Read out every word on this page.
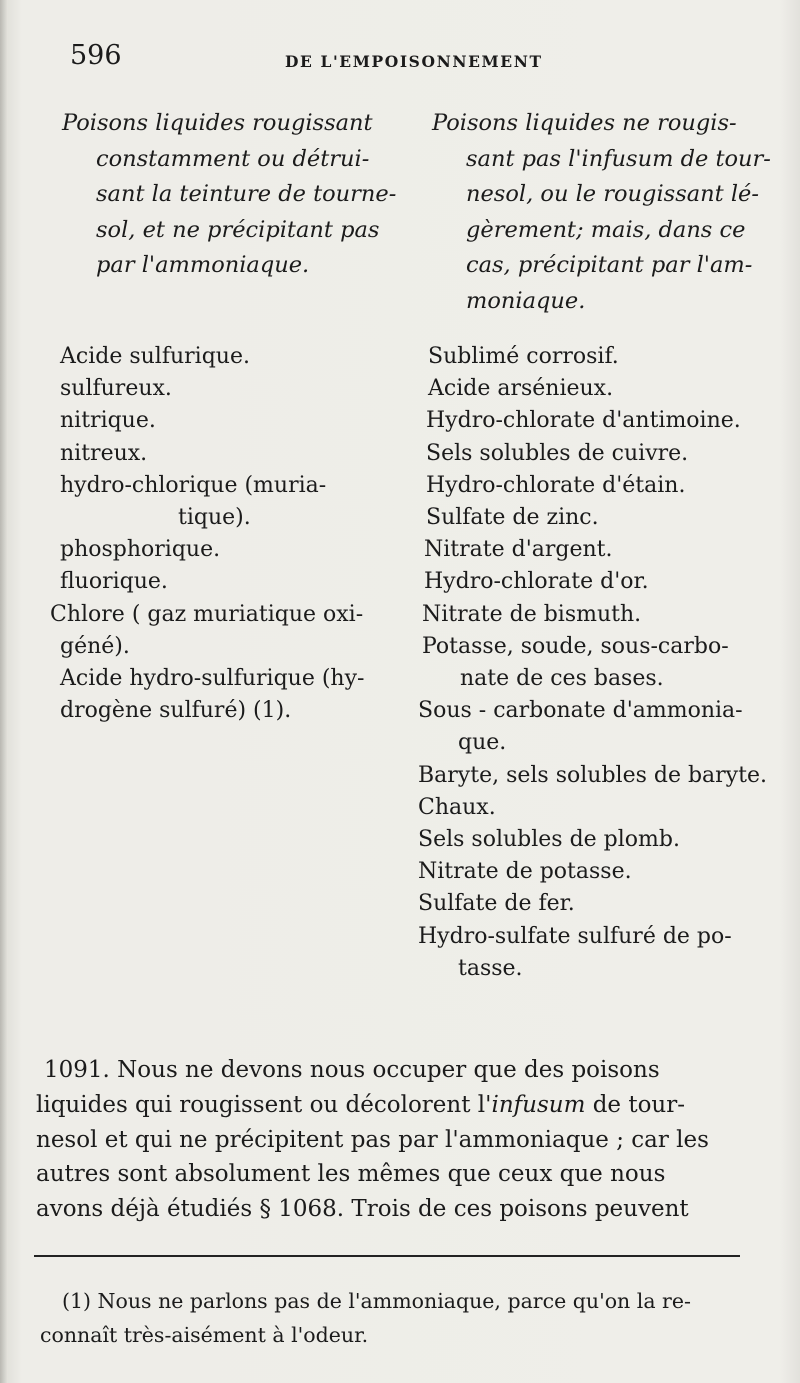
596	DE L'EMPOISONNEMENT
Poisons liquides rougissant
constamment ou détrui-
sant la teinture de tourne-
sol, et ne précipitant pas
par l'ammoniaque.
Poisons liquides ne rougis-
sant pas l'infusum de tour-
nesol, ou le rougissant lé-
gèrement; mais, dans ce
cas, précipitant par l'am-
moniaque.
Acide sulfurique.
sulfureux.
nitrique.
nitreux.
hydro-chlorique (muria-
tique).
phosphorique.
fluorique.
Chlore ( gaz muriatique oxi-
géné).
Acide hydro-sulfurique (hy-
drogène sulfuré) (1).
Sublimé corrosif.
Acide arsénieux.
Hydro-chlorate d'antimoine.
Sels solubles de cuivre.
Hydro-chlorate d'étain.
Sulfate de zinc.
Nitrate d'argent.
Hydro-chlorate d'or.
Nitrate de bismuth.
Potasse, soude, sous-carbo-
nate de ces bases.
Sous - carbonate d'ammonia-
que.
Baryte, sels solubles de baryte.
Chaux.
Sels solubles de plomb.
Nitrate de potasse.
Sulfate de fer.
Hydro-sulfate sulfuré de po-
tasse.
1091. Nous ne devons nous occuper que des poisons
liquides qui rougissent ou décolorent l'infusum de tour-
nesol et qui ne précipitent pas par l'ammoniaque ; car les
autres sont absolument les mêmes que ceux que nous
avons déjà étudiés § 1068. Trois de ces poisons peuvent
(1) Nous ne parlons pas de l'ammoniaque, parce qu'on la re-
connaît très-aisément à l'odeur.
